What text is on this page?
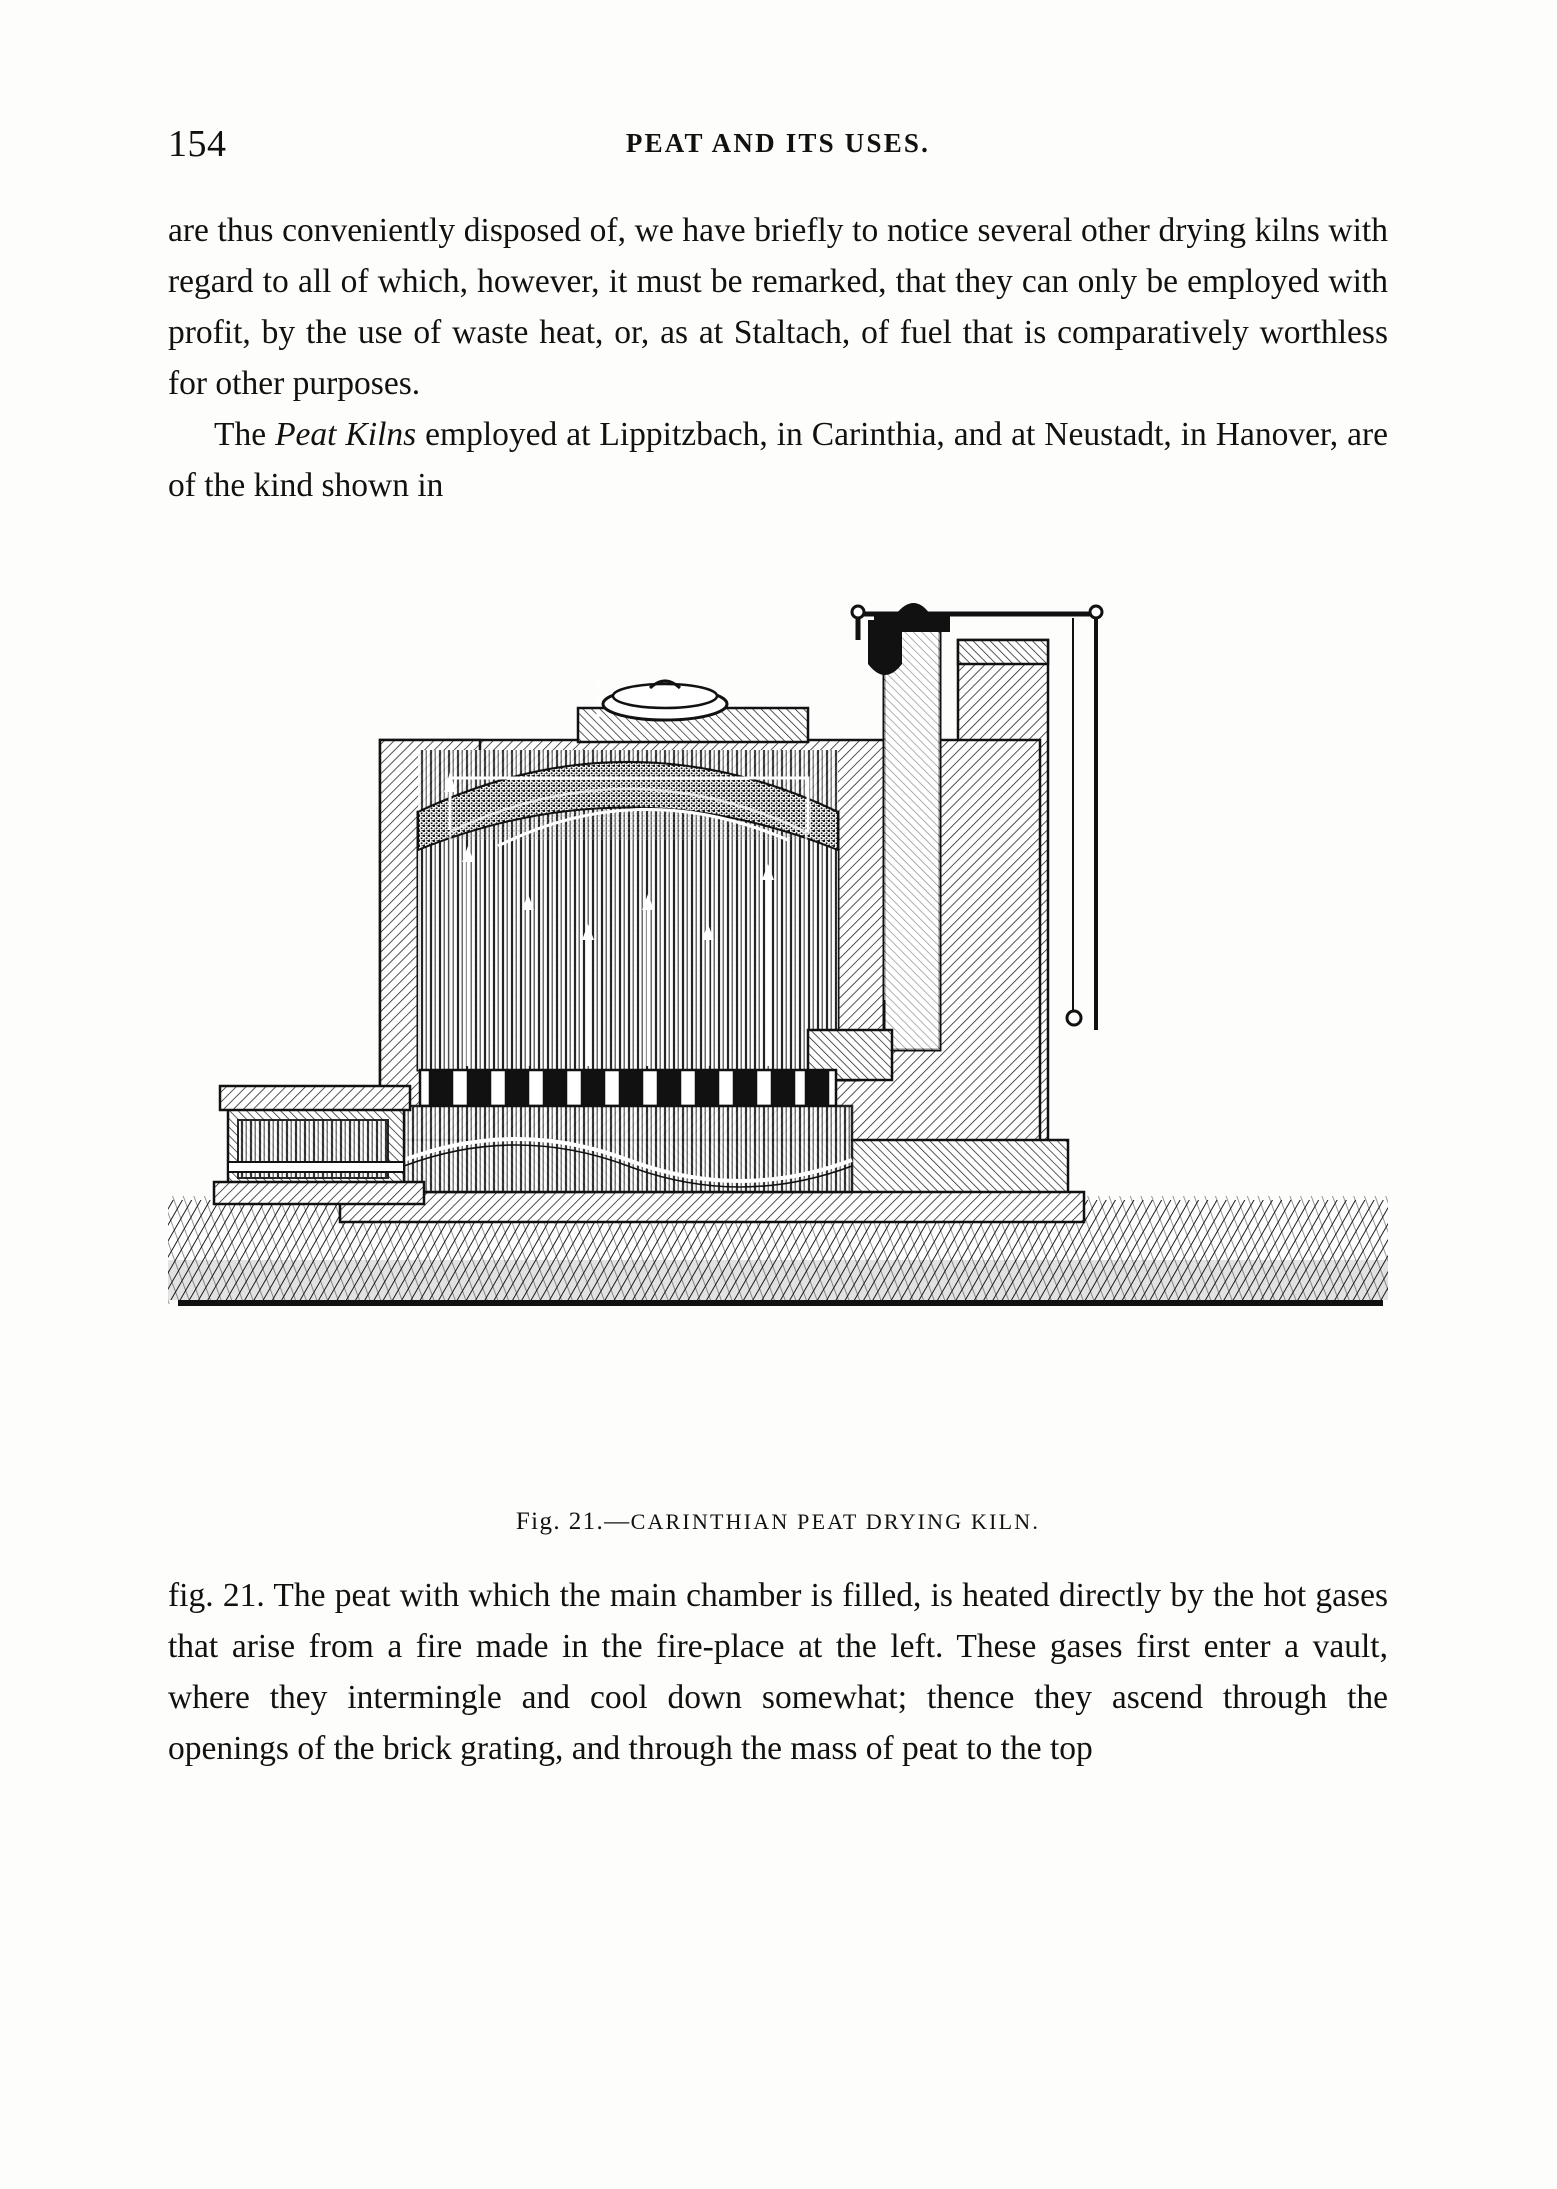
154	PEAT AND ITS USES.

are thus conveniently disposed of, we have briefly to notice several other drying kilns with regard to all of which, however, it must be remarked, that they can only be employed with profit, by the use of waste heat, or, as at Staltach, of fuel that is comparatively worthless for other purposes.

The Peat Kilns employed at Lippitzbach, in Carinthia, and at Neustadt, in Hanover, are of the kind shown in

Fig. 21.—CARINTHIAN PEAT DRYING KILN.

fig. 21. The peat with which the main chamber is filled, is heated directly by the hot gases that arise from a fire made in the fire-place at the left. These gases first enter a vault, where they intermingle and cool down somewhat; thence they ascend through the openings of the brick grating, and through the mass of peat to the top
